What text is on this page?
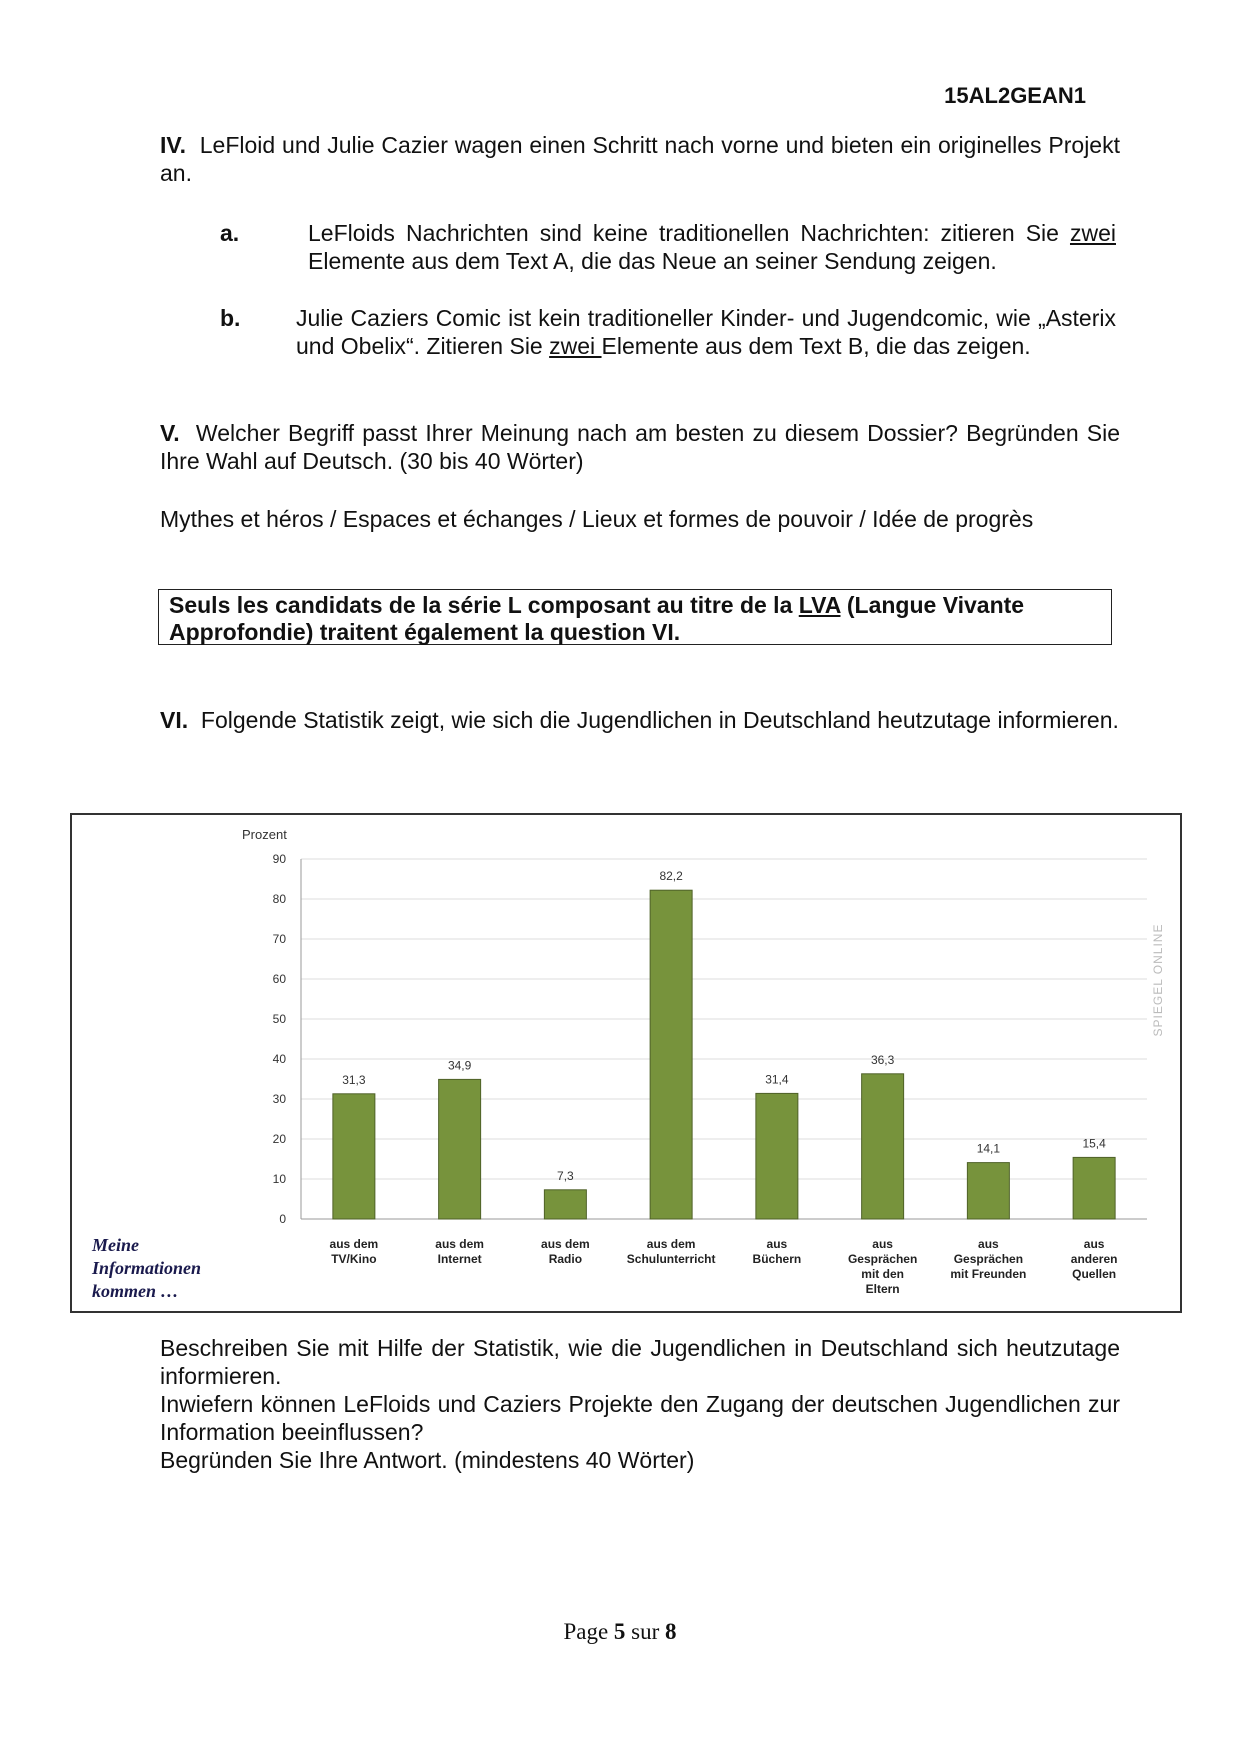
15AL2GEAN1
IV. LeFloid und Julie Cazier wagen einen Schritt nach vorne und bieten ein originelles Projekt an.
a.	LeFloids Nachrichten sind keine traditionellen Nachrichten: zitieren Sie zwei Elemente aus dem Text A, die das Neue an seiner Sendung zeigen.
b. Julie Caziers Comic ist kein traditioneller Kinder- und Jugendcomic, wie „Asterix und Obelix“. Zitieren Sie zwei Elemente aus dem Text B, die das zeigen.
V. Welcher Begriff passt Ihrer Meinung nach am besten zu diesem Dossier? Begründen Sie Ihre Wahl auf Deutsch. (30 bis 40 Wörter)
Mythes et héros / Espaces et échanges / Lieux et formes de pouvoir / Idée de progrès
Seuls les candidats de la série L composant au titre de la LVA (Langue Vivante Approfondie) traitent également la question VI.
VI. Folgende Statistik zeigt, wie sich die Jugendlichen in Deutschland heutzutage informieren.
Prozent
0
10
20
30
40
50
60
70
80
90
31,3
aus dem
TV/Kino
34,9
aus dem
Internet
7,3
aus dem
Radio
82,2
aus dem
Schulunterricht
31,4
aus
Büchern
36,3
aus
Gesprächen
mit den
Eltern
14,1
aus
Gesprächen
mit Freunden
15,4
aus
anderen
Quellen
Meine
Informationen
kommen …
SPIEGEL ONLINE
Beschreiben Sie mit Hilfe der Statistik, wie die Jugendlichen in Deutschland sich heutzutage informieren.
Inwiefern können LeFloids und Caziers Projekte den Zugang der deutschen Jugendlichen zur Information beeinflussen?
Begründen Sie Ihre Antwort. (mindestens 40 Wörter)
Page 5 sur 8
